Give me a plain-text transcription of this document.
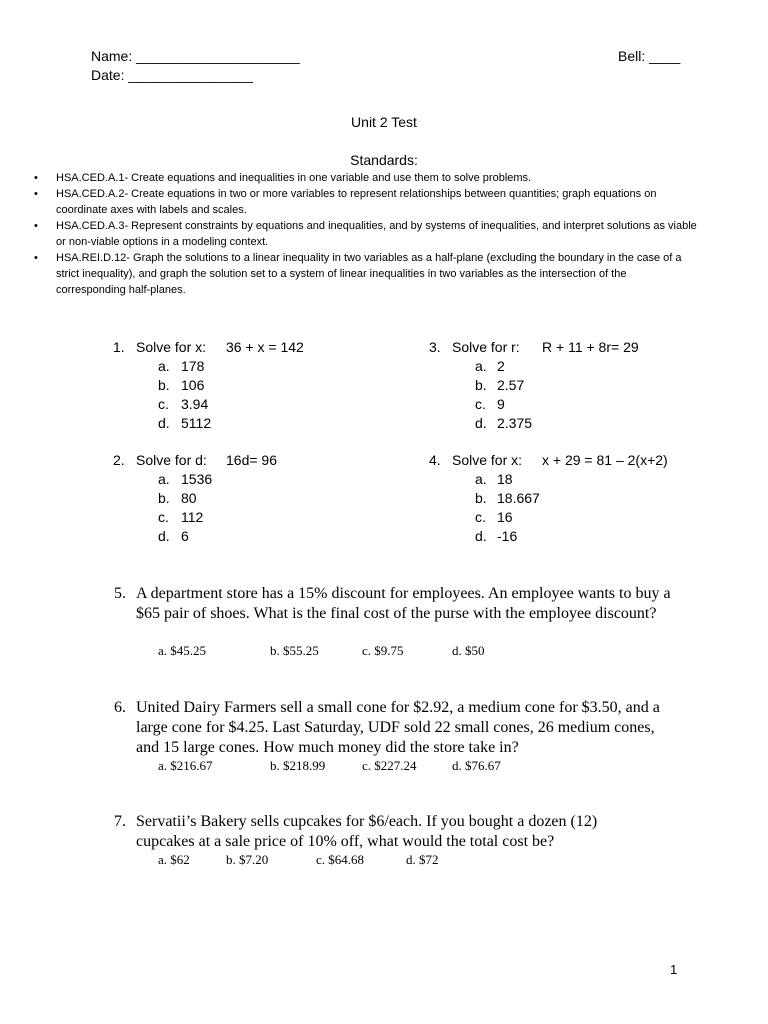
Name: _____________________	Bell: ____
Date: ________________
Unit 2 Test
Standards:
• HSA.CED.A.1- Create equations and inequalities in one variable and use them to solve problems.
• HSA.CED.A.2- Create equations in two or more variables to represent relationships between quantities; graph equations on
coordinate axes with labels and scales.
• HSA.CED.A.3- Represent constraints by equations and inequalities, and by systems of inequalities, and interpret solutions as viable
or non-viable options in a modeling context.
• HSA.REI.D.12- Graph the solutions to a linear inequality in two variables as a half-plane (excluding the boundary in the case of a
strict inequality), and graph the solution set to a system of linear inequalities in two variables as the intersection of the
corresponding half-planes.
1. Solve for x: 36 + x = 142
a. 178
b. 106
c. 3.94
d. 5112
2. Solve for d: 16d= 96
a. 1536
b. 80
c. 112
d. 6
3. Solve for r: R + 11 + 8r= 29
a. 2
b. 2.57
c. 9
d. 2.375
4. Solve for x: x + 29 = 81 – 2(x+2)
a. 18
b. 18.667
c. 16
d. -16
5. A department store has a 15% discount for employees. An employee wants to buy a $65 pair of shoes. What is the final cost of the purse with the employee discount?
a. $45.25	b. $55.25	c. $9.75	d. $50
6. United Dairy Farmers sell a small cone for $2.92, a medium cone for $3.50, and a large cone for $4.25. Last Saturday, UDF sold 22 small cones, 26 medium cones, and 15 large cones. How much money did the store take in?
a. $216.67	b. $218.99	c. $227.24	d. $76.67
7. Servatii’s Bakery sells cupcakes for $6/each. If you bought a dozen (12) cupcakes at a sale price of 10% off, what would the total cost be?
a. $62	b. $7.20	c. $64.68	d. $72
1
